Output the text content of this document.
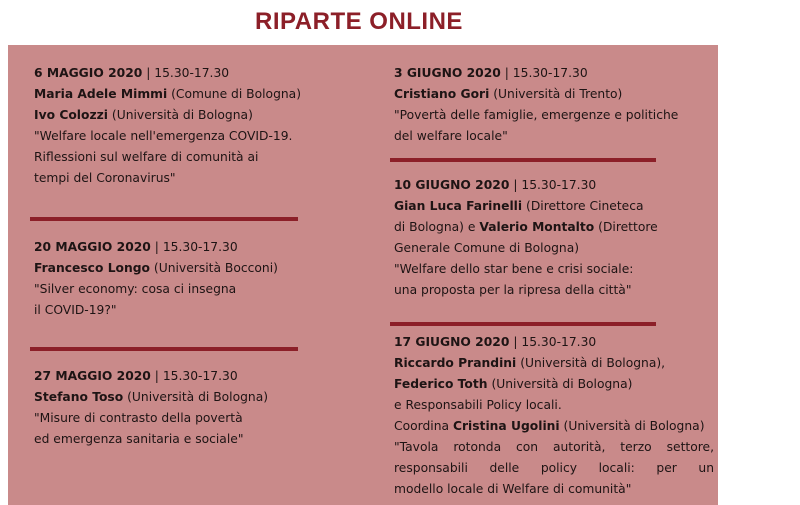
RIPARTE ONLINE
6 MAGGIO 2020 | 15.30-17.30
Maria Adele Mimmi (Comune di Bologna)
Ivo Colozzi (Università di Bologna)
"Welfare locale nell'emergenza COVID-19.
Riflessioni sul welfare di comunità ai
tempi del Coronavirus"
20 MAGGIO 2020 | 15.30-17.30
Francesco Longo (Università Bocconi)
"Silver economy: cosa ci insegna
il COVID-19?"
27 MAGGIO 2020 | 15.30-17.30
Stefano Toso (Università di Bologna)
"Misure di contrasto della povertà
ed emergenza sanitaria e sociale"
3 GIUGNO 2020 | 15.30-17.30
Cristiano Gori (Università di Trento)
"Povertà delle famiglie, emergenze e politiche
del welfare locale"
10 GIUGNO 2020 | 15.30-17.30
Gian Luca Farinelli (Direttore Cineteca
di Bologna) e Valerio Montalto (Direttore
Generale Comune di Bologna)
"Welfare dello star bene e crisi sociale:
una proposta per la ripresa della città"
17 GIUGNO 2020 | 15.30-17.30
Riccardo Prandini (Università di Bologna),
Federico Toth (Università di Bologna)
e Responsabili Policy locali.
Coordina Cristina Ugolini (Università di Bologna)
"Tavola rotonda con autorità, terzo settore,
responsabili delle policy locali: per un
modello locale di Welfare di comunità"
